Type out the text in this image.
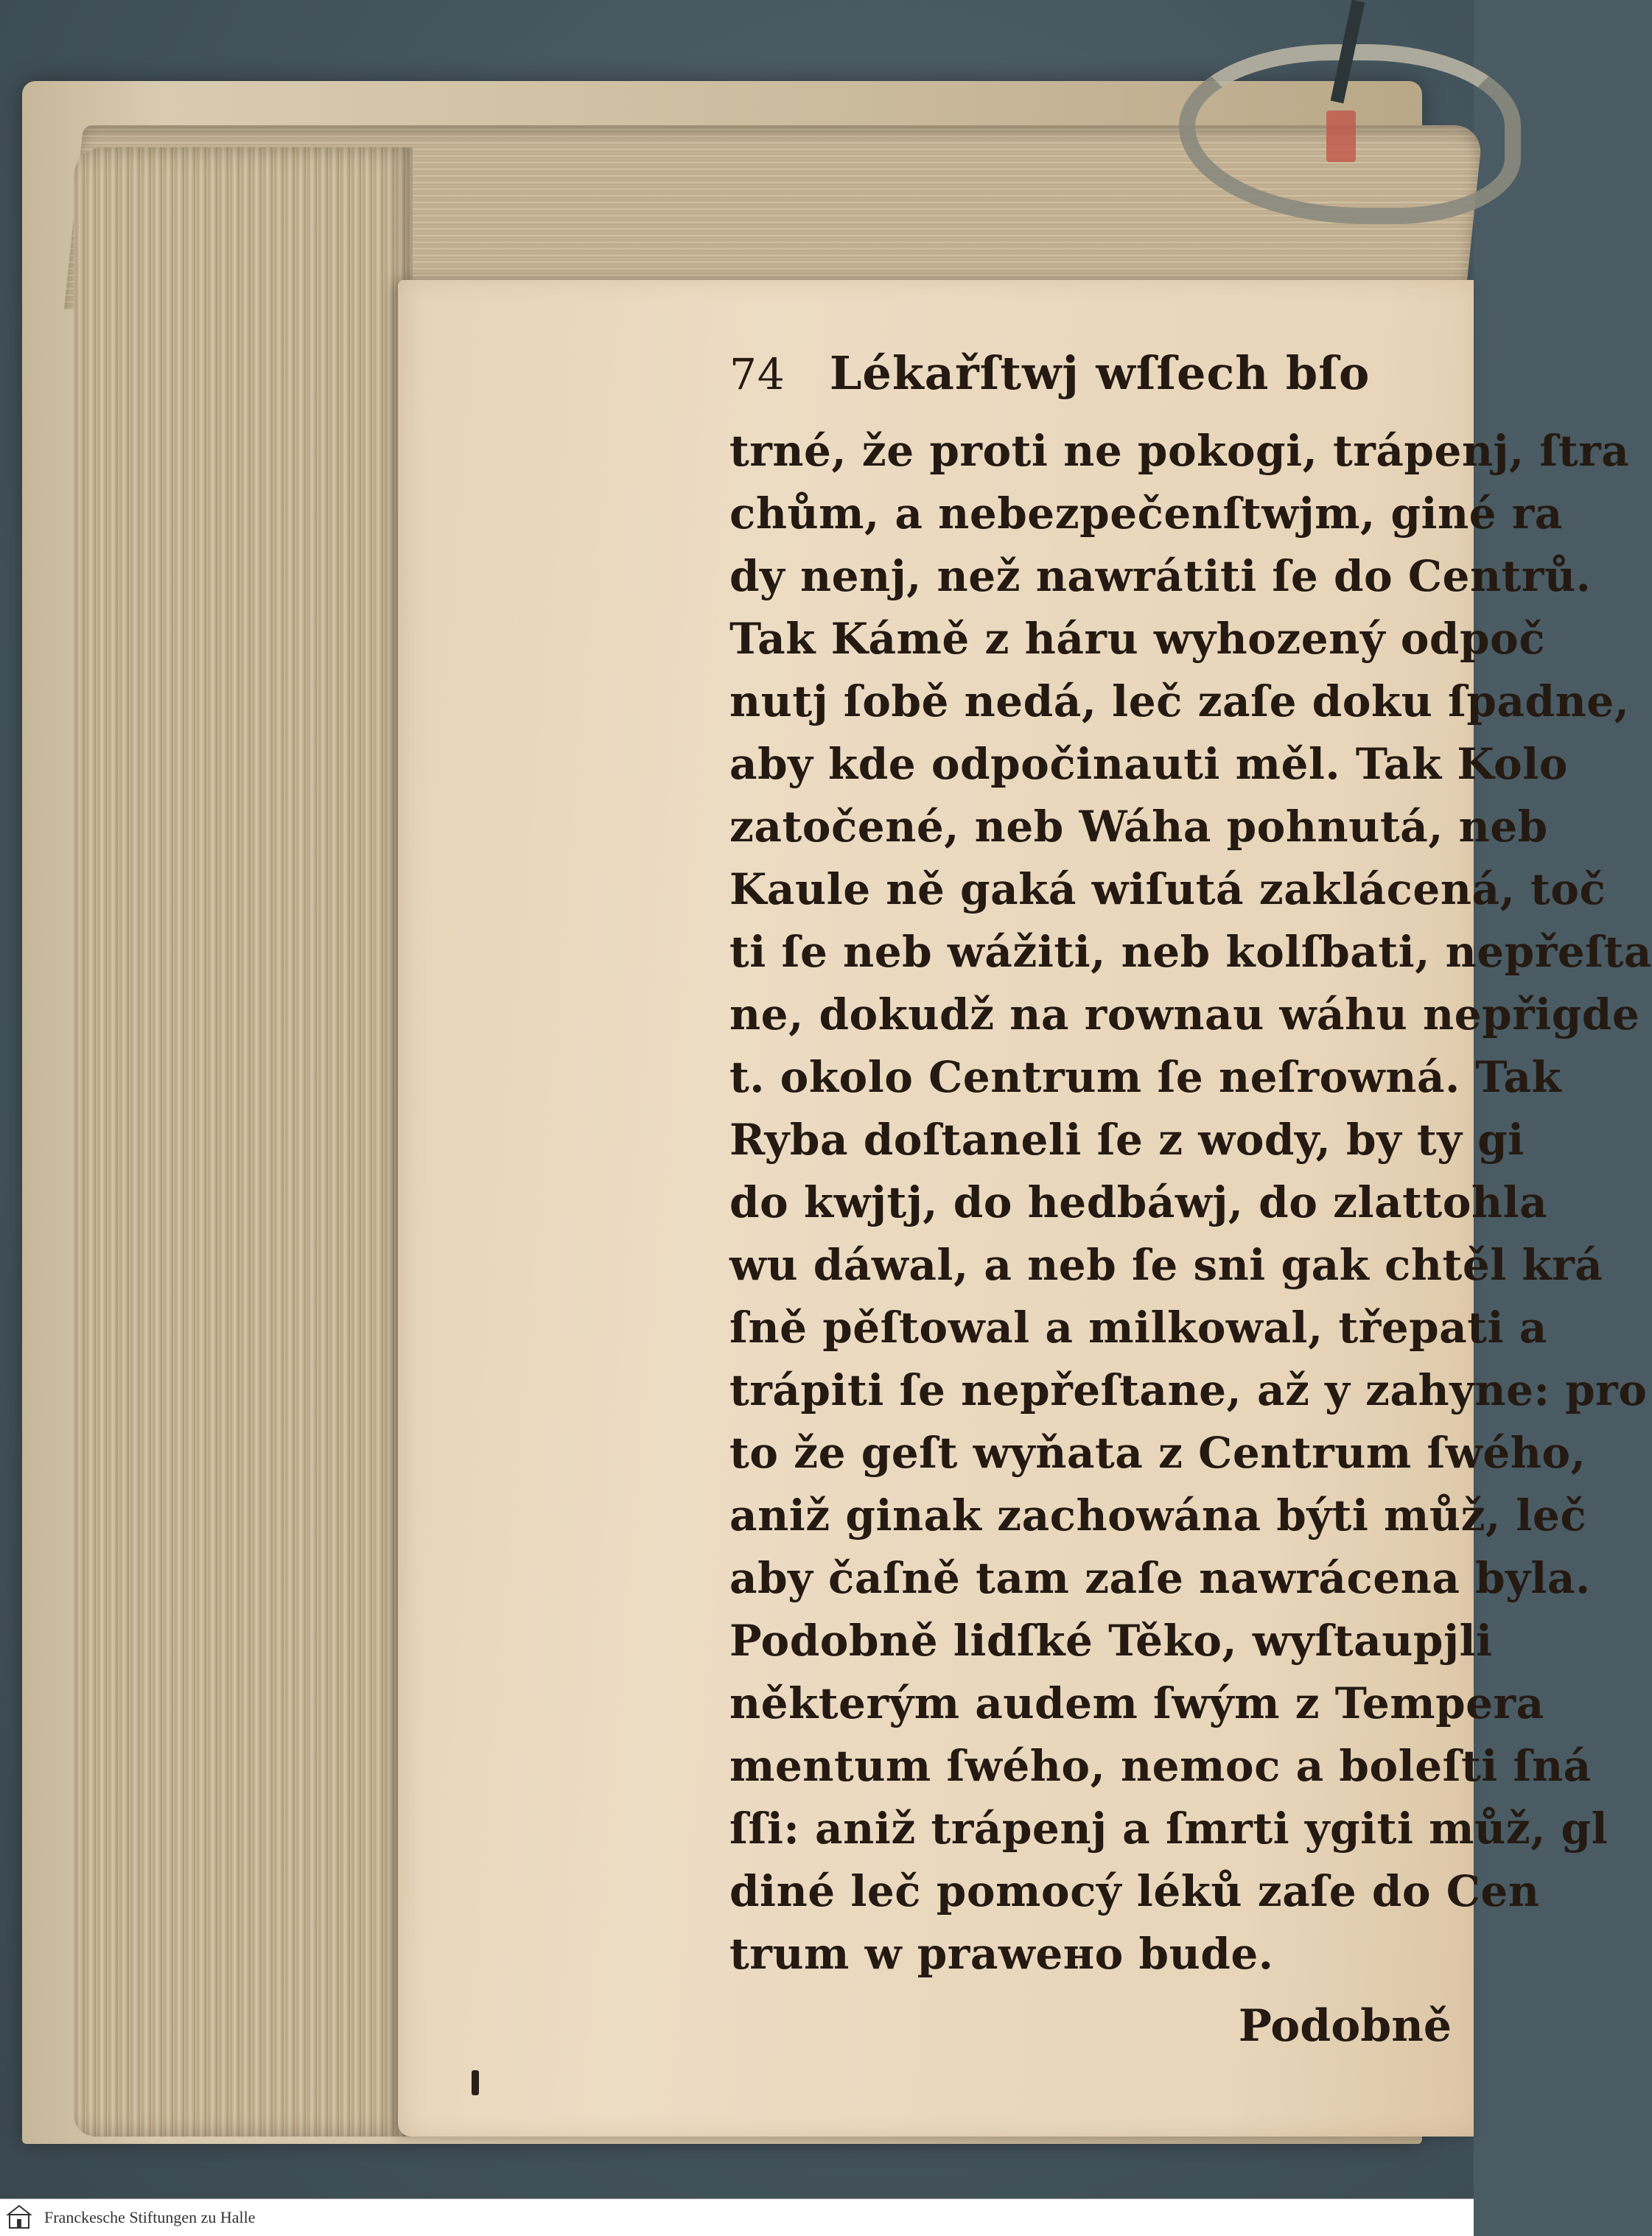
74 Lékařſtwj wſſech bſo
trné, že proti ne pokogi, trápenj, ſtra
chům, a nebezpečenſtwjm, giné ra
dy nenj, než nawrátiti ſe do Centrů.
Tak Kámě z háru wyhozený odpoč
nutj ſobě nedá, leč zaſe doku ſpadne,
aby kde odpočinauti měl. Tak Kolo
zatočené, neb Wáha pohnutá, neb
Kaule ně gaká wiſutá zaklácená, toč
ti ſe neb wážiti, neb kolſbati, nepřeſta
ne, dokudž na rownau wáhu nepřigde
t. okolo Centrum ſe neſrowná. Tak
Ryba doſtaneli ſe z wody, by ty gi
do kwjtj, do hedbáwj, do zlattohla
wu dáwal, a neb ſe sni gak chtěl krá
ſně pěſtowal a milkowal, třepati a
trápiti ſe nepřeſtane, až y zahyne: pro
to že geſt wyňata z Centrum ſwého,
aniž ginak zachowána býti můž, leč
aby čaſně tam zaſe nawrácena byla.
Podobně lidſké Těko, wyſtaupjli
některým audem ſwým z Tempera
mentum ſwého, nemoc a boleſti ſná
ſſi: aniž trápenj a ſmrti ygiti můž, gl
diné leč pomocý léků zaſe do Cen
trum w prawено bude.
Podobně
Franckesche Stiftungen zu Halle
